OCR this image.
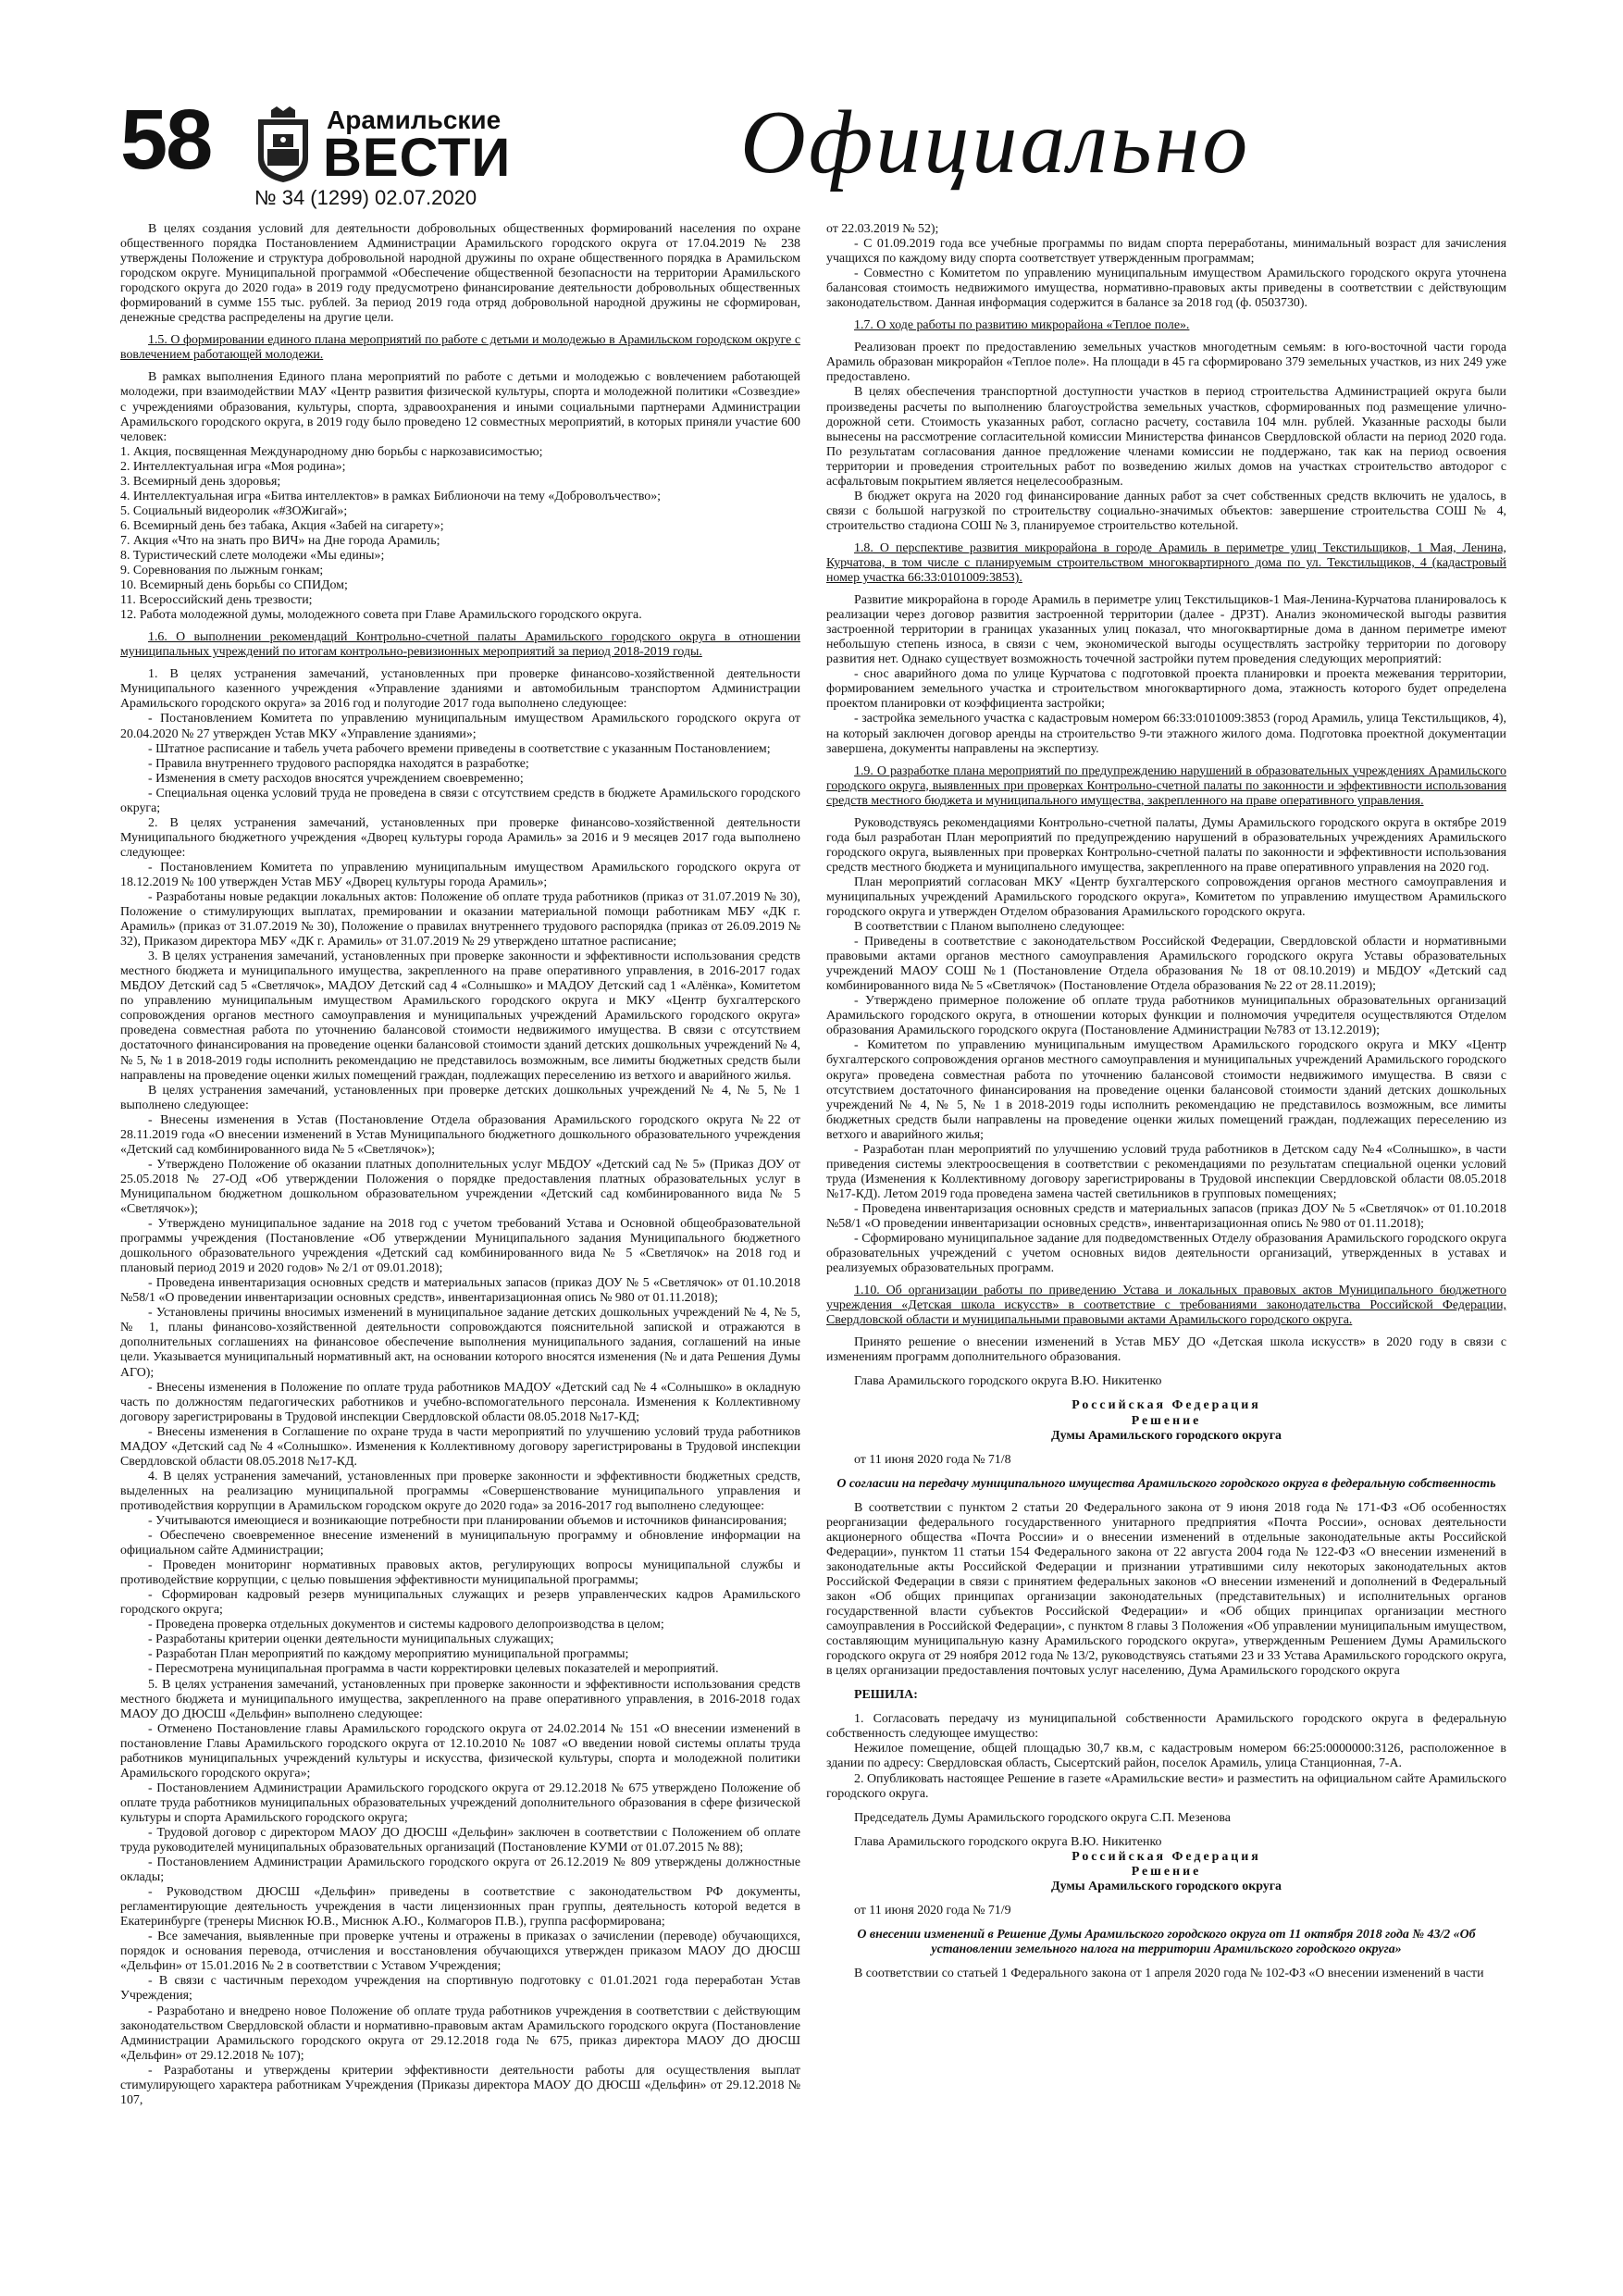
58	Арамильские
ВЕСТИ
№ 34 (1299) 02.07.2020
Официально

В целях создания условий для деятельности добровольных общественных формирований населения по охране общественного порядка Постановлением Администрации Арамильского городского округа от 17.04.2019 № 238 утверждены Положение и структура добровольной народной дружины по охране общественного порядка в Арамильском городском округе. Муниципальной программой «Обеспечение общественной безопасности на территории Арамильского городского округа до 2020 года» в 2019 году предусмотрено финансирование деятельности добровольных общественных формирований в сумме 155 тыс. рублей. За период 2019 года отряд добровольной народной дружины не сформирован, денежные средства распределены на другие цели.

1.5. О формировании единого плана мероприятий по работе с детьми и молодежью в Арамильском городском округе с вовлечением работающей молодежи.

В рамках выполнения Единого плана мероприятий по работе с детьми и молодежью с вовлечением работающей молодежи, при взаимодействии МАУ «Центр развития физической культуры, спорта и молодежной политики «Созвездие» с учреждениями образования, культуры, спорта, здравоохранения и иными социальными партнерами Администрации Арамильского городского округа, в 2019 году было проведено 12 совместных мероприятий, в которых приняли участие 600 человек:

1. Акция, посвященная Международному дню борьбы с наркозависимостью;

2. Интеллектуальная игра «Моя родина»;

3. Всемирный день здоровья;

4. Интеллектуальная игра «Битва интеллектов» в рамках Библионочи на тему «Доброволъчество»;

5. Социальный видеоролик «#ЗОЖигай»;

6. Всемирный день без табака, Акция «Забей на сигарету»;

7. Акция «Что на знать про ВИЧ» на Дне города Арамиль;

8. Туристический слете молодежи «Мы едины»;

9. Соревнования по лыжным гонкам;

10. Всемирный день борьбы со СПИДом;

11. Всероссийский день трезвости;

12. Работа молодежной думы, молодежного совета при Главе Арамильского городского округа.

1.6. О выполнении рекомендаций Контрольно-счетной палаты Арамильского городского округа в отношении муниципальных учреждений по итогам контрольно-ревизионных мероприятий за период 2018-2019 годы.

1. В целях устранения замечаний, установленных при проверке финансово-хозяйственной деятельности Муниципального казенного учреждения «Управление зданиями и автомобильным транспортом Администрации Арамильского городского округа» за 2016 год и полугодие 2017 года выполнено следующее:

- Постановлением Комитета по управлению муниципальным имуществом Арамильского городского округа от 20.04.2020 № 27 утвержден Устав МКУ «Управление зданиями»;

- Штатное расписание и табель учета рабочего времени приведены в соответствие с указанным Постановлением;

- Правила внутреннего трудового распорядка находятся в разработке;

- Изменения в смету расходов вносятся учреждением своевременно;

- Специальная оценка условий труда не проведена в связи с отсутствием средств в бюджете Арамильского городского округа;

2. В целях устранения замечаний, установленных при проверке финансово-хозяйственной деятельности Муниципального бюджетного учреждения «Дворец культуры города Арамиль» за 2016 и 9 месяцев 2017 года выполнено следующее:

- Постановлением Комитета по управлению муниципальным имуществом Арамильского городского округа от 18.12.2019 № 100 утвержден Устав МБУ «Дворец культуры города Арамиль»;

- Разработаны новые редакции локальных актов: Положение об оплате труда работников (приказ от 31.07.2019 № 30), Положение о стимулирующих выплатах, премировании и оказании материальной помощи работникам МБУ «ДК г. Арамиль» (приказ от 31.07.2019 № 30), Положение о правилах внутреннего трудового распорядка (приказ от 26.09.2019 № 32), Приказом директора МБУ «ДК г. Арамиль» от 31.07.2019 № 29 утверждено штатное расписание;

3. В целях устранения замечаний, установленных при проверке законности и эффективности использования средств местного бюджета и муниципального имущества, закрепленного на праве оперативного управления, в 2016-2017 годах МБДОУ Детский сад 5 «Светлячок», МАДОУ Детский сад 4 «Солнышко» и МАДОУ Детский сад 1 «Алёнка», Комитетом по управлению муниципальным имуществом Арамильского городского округа и МКУ «Центр бухгалтерского сопровождения органов местного самоуправления и муниципальных учреждений Арамильского городского округа» проведена совместная работа по уточнению балансовой стоимости недвижимого имущества. В связи с отсутствием достаточного финансирования на проведение оценки балансовой стоимости зданий детских дошкольных учреждений № 4, № 5, № 1 в 2018-2019 годы исполнить рекомендацию не представилось возможным, все лимиты бюджетных средств были направлены на проведение оценки жилых помещений граждан, подлежащих переселению из ветхого и аварийного жилья.

В целях устранения замечаний, установленных при проверке детских дошкольных учреждений № 4, № 5, № 1 выполнено следующее:

- Внесены изменения в Устав (Постановление Отдела образования Арамильского городского округа №22 от 28.11.2019 года «О внесении изменений в Устав Муниципального бюджетного дошкольного образовательного учреждения «Детский сад комбинированного вида № 5 «Светлячок»);

- Утверждено Положение об оказании платных дополнительных услуг МБДОУ «Детский сад № 5» (Приказ ДОУ от 25.05.2018 № 27-ОД «Об утверждении Положения о порядке предоставления платных образовательных услуг в Муниципальном бюджетном дошкольном образовательном учреждении «Детский сад комбинированного вида № 5 «Светлячок»);

- Утверждено муниципальное задание на 2018 год с учетом требований Устава и Основной общеобразовательной программы учреждения (Постановление «Об утверждении Муниципального задания Муниципального бюджетного дошкольного образовательного учреждения «Детский сад комбинированного вида № 5 «Светлячок» на 2018 год и плановый период 2019 и 2020 годов» № 2/1 от 09.01.2018);

- Проведена инвентаризация основных средств и материальных запасов (приказ ДОУ № 5 «Светлячок» от 01.10.2018 №58/1 «О проведении инвентаризации основных средств», инвентаризационная опись № 980 от 01.11.2018);

- Установлены причины вносимых изменений в муниципальное задание детских дошкольных учреждений № 4, № 5, № 1, планы финансово-хозяйственной деятельности сопровождаются пояснительной запиской и отражаются в дополнительных соглашениях на финансовое обеспечение выполнения муниципального задания, соглашений на иные цели. Указывается муниципальный нормативный акт, на основании которого вносятся изменения (№ и дата Решения Думы АГО);

- Внесены изменения в Положение по оплате труда работников МАДОУ «Детский сад № 4 «Солнышко» в окладную часть по должностям педагогических работников и учебно-вспомогательного персонала. Изменения к Коллективному договору зарегистрированы в Трудовой инспекции Свердловской области 08.05.2018 №17-КД;

- Внесены изменения в Соглашение по охране труда в части мероприятий по улучшению условий труда работников МАДОУ «Детский сад № 4 «Солнышко». Изменения к Коллективному договору зарегистрированы в Трудовой инспекции Свердловской области 08.05.2018 №17-КД.

4. В целях устранения замечаний, установленных при проверке законности и эффективности бюджетных средств, выделенных на реализацию муниципальной программы «Совершенствование муниципального управления и противодействия коррупции в Арамильском городском округе до 2020 года» за 2016-2017 год выполнено следующее:

- Учитываются имеющиеся и возникающие потребности при планировании объемов и источников финансирования;

- Обеспечено своевременное внесение изменений в муниципальную программу и обновление информации на официальном сайте Администрации;

- Проведен мониторинг нормативных правовых актов, регулирующих вопросы муниципальной службы и противодействие коррупции, с целью повышения эффективности муниципальной программы;

- Сформирован кадровый резерв муниципальных служащих и резерв управленческих кадров Арамильского городского округа;

- Проведена проверка отдельных документов и системы кадрового делопроизводства в целом;

- Разработаны критерии оценки деятельности муниципальных служащих;

- Разработан План мероприятий по каждому мероприятию муниципальной программы;

- Пересмотрена муниципальная программа в части корректировки целевых показателей и мероприятий.

5. В целях устранения замечаний, установленных при проверке законности и эффективности использования средств местного бюджета и муниципального имущества, закрепленного на праве оперативного управления, в 2016-2018 годах МАОУ ДО ДЮСШ «Дельфин» выполнено следующее:

- Отменено Постановление главы Арамильского городского округа от 24.02.2014 № 151 «О внесении изменений в постановление Главы Арамильского городского округа от 12.10.2010 № 1087 «О введении новой системы оплаты труда работников муниципальных учреждений культуры и искусства, физической культуры, спорта и молодежной политики Арамильского городского округа»;

- Постановлением Администрации Арамильского городского округа от 29.12.2018 № 675 утверждено Положение об оплате труда работников муниципальных образовательных учреждений дополнительного образования в сфере физической культуры и спорта Арамильского городского округа;

- Трудовой договор с директором МАОУ ДО ДЮСШ «Дельфин» заключен в соответствии с Положением об оплате труда руководителей муниципальных образовательных организаций (Постановление КУМИ от 01.07.2015 № 88);

- Постановлением Администрации Арамильского городского округа от 26.12.2019 № 809 утверждены должностные оклады;

- Руководством ДЮСШ «Дельфин» приведены в соответствие с законодательством РФ документы, регламентирующие деятельность учреждения в части лицензионных пран группы, деятельность которой ведется в Екатеринбурге (тренеры Миснюк Ю.В., Миснюк А.Ю., Колмагоров П.В.), группа расформирована;

- Все замечания, выявленные при проверке учтены и отражены в приказах о зачислении (переводе) обучающихся, порядок и основания перевода, отчисления и восстановления обучающихся утвержден приказом МАОУ ДО ДЮСШ «Дельфин» от 15.01.2016 № 2 в соответствии с Уставом Учреждения;

- В связи с частичным переходом учреждения на спортивную подготовку с 01.01.2021 года переработан Устав Учреждения;

- Разработано и внедрено новое Положение об оплате труда работников учреждения в соответствии с действующим законодательством Свердловской области и нормативно-правовым актам Арамильского городского округа (Постановление Администрации Арамильского городского округа от 29.12.2018 года № 675, приказ директора МАОУ ДО ДЮСШ «Дельфин» от 29.12.2018 № 107);

- Разработаны и утверждены критерии эффективности деятельности работы для осуществления выплат стимулирующего характера работникам Учреждения (Приказы директора МАОУ ДО ДЮСШ «Дельфин» от 29.12.2018 № 107,

от 22.03.2019 № 52);

- С 01.09.2019 года все учебные программы по видам спорта переработаны, минимальный возраст для зачисления учащихся по каждому виду спорта соответствует утвержденным программам;

- Совместно с Комитетом по управлению муниципальным имуществом Арамильского городского округа уточнена балансовая стоимость недвижимого имущества, нормативно-правовых акты приведены в соответствии с действующим законодательством. Данная информация содержится в балансе за 2018 год (ф. 0503730).

1.7. О ходе работы по развитию микрорайона «Теплое поле».

Реализован проект по предоставлению земельных участков многодетным семьям: в юго-восточной части города Арамиль образован микрорайон «Теплое поле». На площади в 45 га сформировано 379 земельных участков, из них 249 уже предоставлено.

В целях обеспечения транспортной доступности участков в период строительства Администрацией округа были произведены расчеты по выполнению благоустройства земельных участков, сформированных под размещение улично-дорожной сети. Стоимость указанных работ, согласно расчету, составила 104 млн. рублей. Указанные расходы были вынесены на рассмотрение согласительной комиссии Министерства финансов Свердловской области на период 2020 года. По результатам согласования данное предложение членами комиссии не поддержано, так как на период освоения территории и проведения строительных работ по возведению жилых домов на участках строительство автодорог с асфальтовым покрытием является нецелесообразным.

В бюджет округа на 2020 год финансирование данных работ за счет собственных средств включить не удалось, в связи с большой нагрузкой по строительству социально-значимых объектов: завершение строительства СОШ № 4, строительство стадиона СОШ № 3, планируемое строительство котельной.

1.8. О перспективе развития микрорайона в городе Арамиль в периметре улиц Текстильщиков, 1 Мая, Ленина, Курчатова, в том числе с планируемым строительством многоквартирного дома по ул. Текстильщиков, 4 (кадастровый номер участка 66:33:0101009:3853).

Развитие микрорайона в городе Арамиль в периметре улиц Текстильщиков-1 Мая-Ленина-Курчатова планировалось к реализации через договор развития застроенной территории (далее - ДРЗТ). Анализ экономической выгоды развития застроенной территории в границах указанных улиц показал, что многоквартирные дома в данном периметре имеют небольшую степень износа, в связи с чем, экономической выгоды осуществлять застройку территории по договору развития нет. Однако существует возможность точечной застройки путем проведения следующих мероприятий:

- снос аварийного дома по улице Курчатова с подготовкой проекта планировки и проекта межевания территории, формированием земельного участка и строительством многоквартирного дома, этажность которого будет определена проектом планировки от коэффициента застройки;

- застройка земельного участка с кадастровым номером 66:33:0101009:3853 (город Арамиль, улица Текстильщиков, 4), на который заключен договор аренды на строительство 9-ти этажного жилого дома. Подготовка проектной документации завершена, документы направлены на экспертизу.

1.9. О разработке плана мероприятий по предупреждению нарушений в образовательных учреждениях Арамильского городского округа, выявленных при проверках Контрольно-счетной палаты по законности и эффективности использования средств местного бюджета и муниципального имущества, закрепленного на праве оперативного управления.

Руководствуясь рекомендациями Контрольно-счетной палаты, Думы Арамильского городского округа в октябре 2019 года был разработан План мероприятий по предупреждению нарушений в образовательных учреждениях Арамильского городского округа, выявленных при проверках Контрольно-счетной палаты по законности и эффективности использования средств местного бюджета и муниципального имущества, закрепленного на праве оперативного управления на 2020 год.

План мероприятий согласован МКУ «Центр бухгалтерского сопровождения органов местного самоуправления и муниципальных учреждений Арамильского городского округа», Комитетом по управлению имуществом Арамильского городского округа и утвержден Отделом образования Арамильского городского округа.

В соответствии с Планом выполнено следующее:

- Приведены в соответствие с законодательством Российской Федерации, Свердловской области и нормативными правовыми актами органов местного самоуправления Арамильского городского округа Уставы образовательных учреждений МАОУ СОШ №1 (Постановление Отдела образования № 18 от 08.10.2019) и МБДОУ «Детский сад комбинированного вида № 5 «Светлячок» (Постановление Отдела образования № 22 от 28.11.2019);

- Утверждено примерное положение об оплате труда работников муниципальных образовательных организаций Арамильского городского округа, в отношении которых функции и полномочия учредителя осуществляются Отделом образования Арамильского городского округа (Постановление Администрации №783 от 13.12.2019);

- Комитетом по управлению муниципальным имуществом Арамильского городского округа и МКУ «Центр бухгалтерского сопровождения органов местного самоуправления и муниципальных учреждений Арамильского городского округа» проведена совместная работа по уточнению балансовой стоимости недвижимого имущества. В связи с отсутствием достаточного финансирования на проведение оценки балансовой стоимости зданий детских дошкольных учреждений № 4, № 5, № 1 в 2018-2019 годы исполнить рекомендацию не представилось возможным, все лимиты бюджетных средств были направлены на проведение оценки жилых помещений граждан, подлежащих переселению из ветхого и аварийного жилья;

- Разработан план мероприятий по улучшению условий труда работников в Детском саду №4 «Солнышко», в части приведения системы электроосвещения в соответствии с рекомендациями по результатам специальной оценки условий труда (Изменения к Коллективному договору зарегистрированы в Трудовой инспекции Свердловской области 08.05.2018 №17-КД). Летом 2019 года проведена замена частей светильников в групповых помещениях;

- Проведена инвентаризация основных средств и материальных запасов (приказ ДОУ № 5 «Светлячок» от 01.10.2018 №58/1 «О проведении инвентаризации основных средств», инвентаризационная опись № 980 от 01.11.2018);

- Сформировано муниципальное задание для подведомственных Отделу образования Арамильского городского округа образовательных учреждений с учетом основных видов деятельности организаций, утвержденных в уставах и реализуемых образовательных программ.

1.10. Об организации работы по приведению Устава и локальных правовых актов Муниципального бюджетного учреждения «Детская школа искусств» в соответствие с требованиями законодательства Российской Федерации, Свердловской области и муниципальными правовыми актами Арамильского городского округа.

Принято решение о внесении изменений в Устав МБУ ДО «Детская школа искусств» в 2020 году в связи с изменениям программ дополнительного образования.

Глава Арамильского городского округа В.Ю. Никитенко

Российская Федерация

Решение

Думы Арамильского городского округа

от 11 июня 2020 года № 71/8

О согласии на передачу муниципального имущества Арамильского городского округа в федеральную собственность

В соответствии с пунктом 2 статьи 20 Федерального закона от 9 июня 2018 года № 171-ФЗ «Об особенностях реорганизации федерального государственного унитарного предприятия «Почта России», основах деятельности акционерного общества «Почта России» и о внесении изменений в отдельные законодательные акты Российской Федерации», пунктом 11 статьи 154 Федерального закона от 22 августа 2004 года № 122-ФЗ «О внесении изменений в законодательные акты Российской Федерации и признании утратившими силу некоторых законодательных актов Российской Федерации в связи с принятием федеральных законов «О внесении изменений и дополнений в Федеральный закон «Об общих принципах организации законодательных (представительных) и исполнительных органов государственной власти субъектов Российской Федерации» и «Об общих принципах организации местного самоуправления в Российской Федерации», с пунктом 8 главы 3 Положения «Об управлении муниципальным имуществом, составляющим муниципальную казну Арамильского городского округа», утвержденным Решением Думы Арамильского городского округа от 29 ноября 2012 года № 13/2, руководствуясь статьями 23 и 33 Устава Арамильского городского округа, в целях организации предоставления почтовых услуг населению, Дума Арамильского городского округа

РЕШИЛА:

1. Согласовать передачу из муниципальной собственности Арамильского городского округа в федеральную собственность следующее имущество:

Нежилое помещение, общей площадью 30,7 кв.м, с кадастровым номером 66:25:0000000:3126, расположенное в здании по адресу: Свердловская область, Сысертский район, поселок Арамиль, улица Станционная, 7-А.

2. Опубликовать настоящее Решение в газете «Арамильские вести» и разместить на официальном сайте Арамильского городского округа.

Председатель Думы Арамильского городского округа С.П. Мезенова

Глава Арамильского городского округа В.Ю. Никитенко

Российская Федерация

Решение

Думы Арамильского городского округа

от 11 июня 2020 года № 71/9

О внесении изменений в Решение Думы Арамильского городского округа от 11 октября 2018 года № 43/2 «Об установлении земельного налога на территории Арамильского городского округа»

В соответствии со статьей 1 Федерального закона от 1 апреля 2020 года № 102-ФЗ «О внесении изменений в части
